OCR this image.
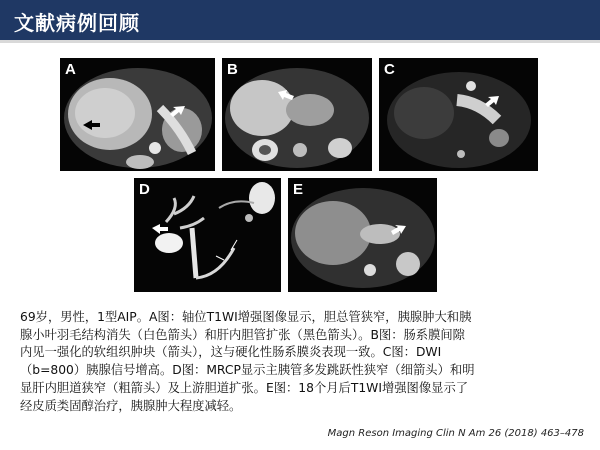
文献病例回顾
A	B	C
D	E
69岁，男性，1型AIP。A图：轴位T1WI增强图像显示，胆总管狭窄，胰腺肿大和胰
腺小叶羽毛结构消失（白色箭头）和肝内胆管扩张（黑色箭头）。B图：肠系膜间隙
内见一强化的软组织肿块（箭头），这与硬化性肠系膜炎表现一致。C图：DWI
（b=800）胰腺信号增高。D图：MRCP显示主胰管多发跳跃性狭窄（细箭头）和明
显肝内胆道狭窄（粗箭头）及上游胆道扩张。E图：18个月后T1WI增强图像显示了
经皮质类固醇治疗，胰腺肿大程度减轻。
Magn Reson Imaging Clin N Am 26 (2018) 463–478
